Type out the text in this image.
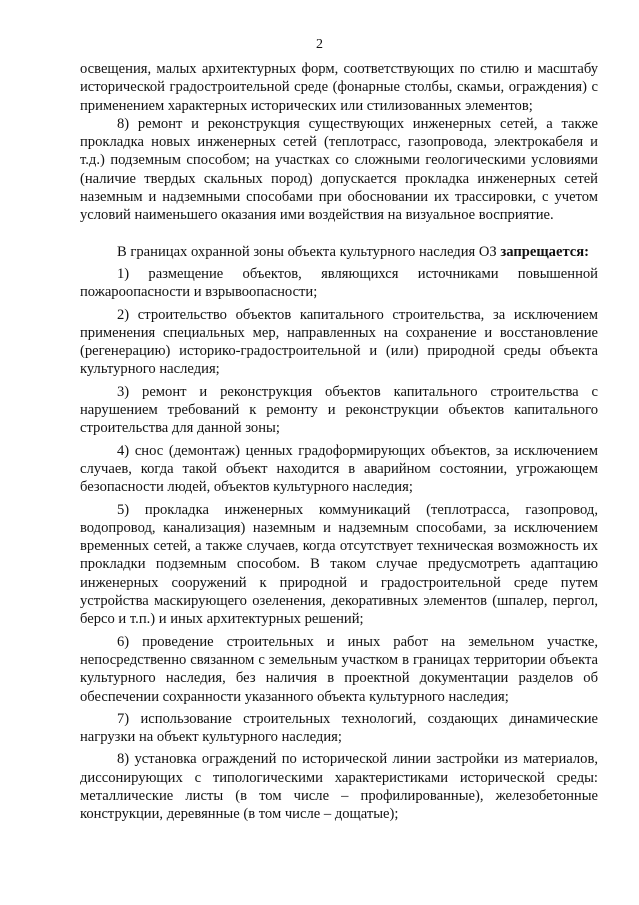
2

освещения, малых архитектурных форм, соответствующих по стилю и масштабу исторической градостроительной среде (фонарные столбы, скамьи, ограждения) с применением характерных исторических или стилизованных элементов;

8) ремонт и реконструкция существующих инженерных сетей, а также прокладка новых инженерных сетей (теплотрасс, газопровода, электрокабеля и т.д.) подземным способом; на участках со сложными геологическими условиями (наличие твердых скальных пород) допускается прокладка инженерных сетей наземным и надземными способами при обосновании их трассировки, с учетом условий наименьшего оказания ими воздействия на визуальное восприятие.

В границах охранной зоны объекта культурного наследия ОЗ запрещается:

1) размещение объектов, являющихся источниками повышенной пожароопасности и взрывоопасности;

2) строительство объектов капитального строительства, за исключением применения специальных мер, направленных на сохранение и восстановление (регенерацию) историко-градостроительной и (или) природной среды объекта культурного наследия;

3) ремонт и реконструкция объектов капитального строительства с нарушением требований к ремонту и реконструкции объектов капитального строительства для данной зоны;

4) снос (демонтаж) ценных градоформирующих объектов, за исключением случаев, когда такой объект находится в аварийном состоянии, угрожающем безопасности людей, объектов культурного наследия;

5) прокладка инженерных коммуникаций (теплотрасса, газопровод, водопровод, канализация) наземным и надземным способами, за исключением временных сетей, а также случаев, когда отсутствует техническая возможность их прокладки подземным способом. В таком случае предусмотреть адаптацию инженерных сооружений к природной и градостроительной среде путем устройства маскирующего озеленения, декоративных элементов (шпалер, пергол, берсо и т.п.) и иных архитектурных решений;

6) проведение строительных и иных работ на земельном участке, непосредственно связанном с земельным участком в границах территории объекта культурного наследия, без наличия в проектной документации разделов об обеспечении сохранности указанного объекта культурного наследия;

7) использование строительных технологий, создающих динамические нагрузки на объект культурного наследия;

8) установка ограждений по исторической линии застройки из материалов, диссонирующих с типологическими характеристиками исторической среды: металлические листы (в том числе – профилированные), железобетонные конструкции, деревянные (в том числе – дощатые);
